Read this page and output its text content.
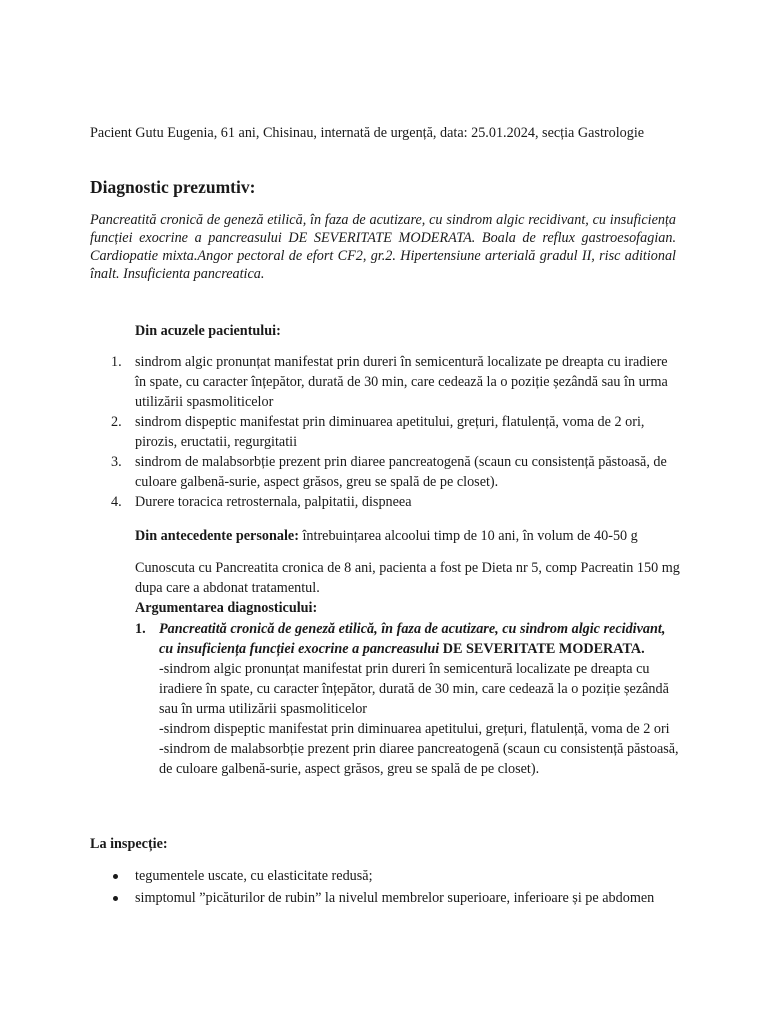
Pacient Gutu Eugenia, 61 ani, Chisinau, internată de urgență, data: 25.01.2024, secția Gastrologie

Diagnostic prezumtiv:

Pancreatită cronică de geneză etilică, în faza de acutizare, cu sindrom algic recidivant, cu insuficiența funcției exocrine a pancreasului DE SEVERITATE MODERATA. Boala de reflux gastroesofagian. Cardiopatie mixta.Angor pectoral de efort CF2, gr.2. Hipertensiune arterială gradul II, risc aditional înalt. Insuficienta pancreatica.

Din acuzele pacientului:

1. sindrom algic pronunțat manifestat prin dureri în semicentură localizate pe dreapta cu iradiere în spate, cu caracter înțepător, durată de 30 min, care cedează la o poziție șezândă sau în urma utilizării spasmoliticelor
2. sindrom dispeptic manifestat prin diminuarea apetitului, grețuri, flatulență, voma de 2 ori, pirozis, eructatii, regurgitatii
3. sindrom de malabsorbție prezent prin diaree pancreatogenă (scaun cu consistență păstoasă, de culoare galbenă-surie, aspect grăsos, greu se spală de pe closet).
4. Durere toracica retrosternala, palpitatii, dispneea

Din antecedente personale: întrebuințarea alcoolui timp de 10 ani, în volum de 40-50 g

Cunoscuta cu Pancreatita cronica de 8 ani, pacienta a fost pe Dieta nr 5, comp Pacreatin 150 mg dupa care a abdonat tratamentul.

Argumentarea diagnosticului:

1. Pancreatită cronică de geneză etilică, în faza de acutizare, cu sindrom algic recidivant, cu insuficiența funcției exocrine a pancreasului DE SEVERITATE MODERATA.
-sindrom algic pronunțat manifestat prin dureri în semicentură localizate pe dreapta cu iradiere în spate, cu caracter înțepător, durată de 30 min, care cedează la o poziție șezândă sau în urma utilizării spasmoliticelor
-sindrom dispeptic manifestat prin diminuarea apetitului, grețuri, flatulență, voma de 2 ori
-sindrom de malabsorbție prezent prin diaree pancreatogenă (scaun cu consistență păstoasă, de culoare galbenă-surie, aspect grăsos, greu se spală de pe closet).

La inspecție:

tegumentele uscate, cu elasticitate redusă;
simptomul ”picăturilor de rubin” la nivelul membrelor superioare, inferioare și pe abdomen
